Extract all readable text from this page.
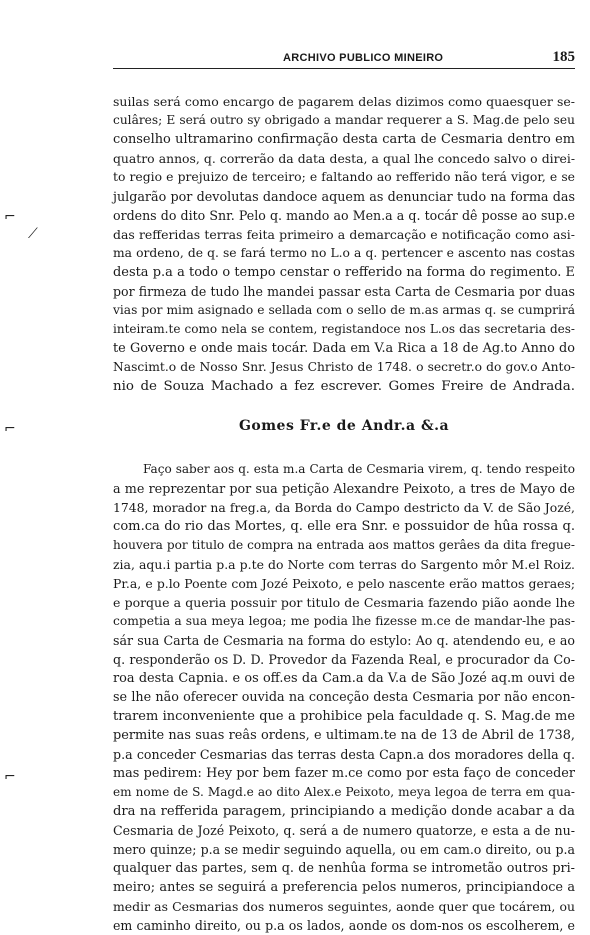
ARCHIVO PUBLICO MINEIRO	185
⌐
⟋
⌐
⌐
suilas será como encargo de pagarem delas dizimos como quaesquer se-
culâres; E será outro sy obrigado a mandar requerer a S. Mag.de pelo seu
conselho ultramarino confirmação desta carta de Cesmaria dentro em
quatro annos, q. correrão da data desta, a qual lhe concedo salvo o direi-
to regio e prejuizo de terceiro; e faltando ao refferido não terá vigor, e se
julgarão por devolutas dandoce aquem as denunciar tudo na forma das
ordens do dito Snr. Pelo q. mando ao Men.a a q. tocár dê posse ao sup.e
das refferidas terras feita primeiro a demarcação e notificação como asi-
ma ordeno, de q. se fará termo no L.o a q. pertencer e ascento nas costas
desta p.a a todo o tempo censtar o refferido na forma do regimento. E
por firmeza de tudo lhe mandei passar esta Carta de Cesmaria por duas
vias por mim asignado e sellada com o sello de m.as armas q. se cumprirá
inteiram.te como nela se contem, registandoce nos L.os das secretaria des-
te Governo e onde mais tocár. Dada em V.a Rica a 18 de Ag.to Anno do
Nascimt.o de Nosso Snr. Jesus Christo de 1748. o secretr.o do gov.o Anto-
nio de Souza Machado a fez escrever. Gomes Freire de Andrada.
Gomes Fr.e de Andr.a &.a
Faço saber aos q. esta m.a Carta de Cesmaria virem, q. tendo respeito
a me reprezentar por sua petição Alexandre Peixoto, a tres de Mayo de
1748, morador na freg.a, da Borda do Campo destricto da V. de São Jozé,
com.ca do rio das Mortes, q. elle era Snr. e possuidor de hûa rossa q.
houvera por titulo de compra na entrada aos mattos gerâes da dita fregue-
zia, aqu.i partia p.a p.te do Norte com terras do Sargento môr M.el Roiz.
Pr.a, e p.lo Poente com Jozé Peixoto, e pelo nascente erão mattos geraes;
e porque a queria possuir por titulo de Cesmaria fazendo pião aonde lhe
competia a sua meya legoa; me podia lhe fizesse m.ce de mandar-lhe pas-
sár sua Carta de Cesmaria na forma do estylo: Ao q. atendendo eu, e ao
q. responderão os D. D. Provedor da Fazenda Real, e procurador da Co-
roa desta Capnia. e os off.es da Cam.a da V.a de São Jozé aq.m ouvi de
se lhe não oferecer ouvida na conceção desta Cesmaria por não encon-
trarem inconveniente que a prohibice pela faculdade q. S. Mag.de me
permite nas suas reâs ordens, e ultimam.te na de 13 de Abril de 1738,
p.a conceder Cesmarias das terras desta Capn.a dos moradores della q.
mas pedirem: Hey por bem fazer m.ce como por esta faço de conceder
em nome de S. Magd.e ao dito Alex.e Peixoto, meya legoa de terra em qua-
dra na refferida paragem, principiando a medição donde acabar a da
Cesmaria de Jozé Peixoto, q. será a de numero quatorze, e esta a de nu-
mero quinze; p.a se medir seguindo aquella, ou em cam.o direito, ou p.a
qualquer das partes, sem q. de nenhûa forma se intrometão outros pri-
meiro; antes se seguirá a preferencia pelos numeros, principiandoce a
medir as Cesmarias dos numeros seguintes, aonde quer que tocárem, ou
em caminho direito, ou p.a os lados, aonde os dom-nos os escolherem, e
